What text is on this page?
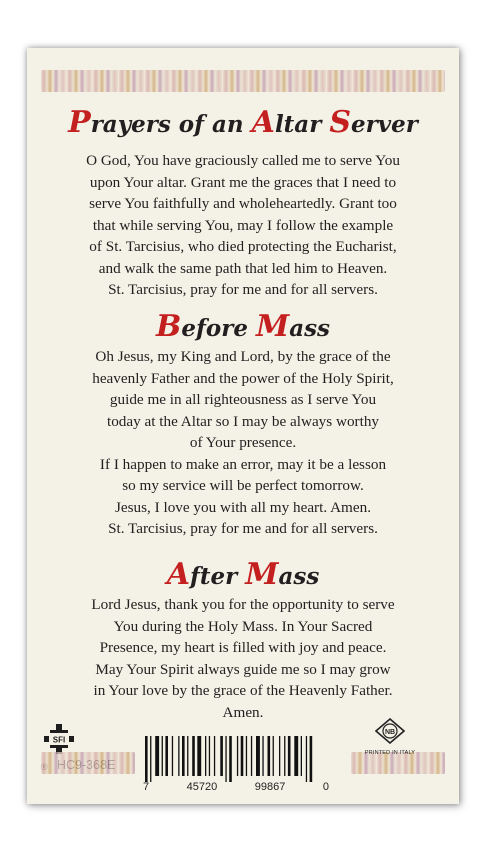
Prayers of an Altar Server
O God, You have graciously called me to serve You
upon Your altar. Grant me the graces that I need to
serve You faithfully and wholeheartedly. Grant too
that while serving You, may I follow the example
of St. Tarcisius, who died protecting the Eucharist,
and walk the same path that led him to Heaven.
St. Tarcisius, pray for me and for all servers.
Before Mass
Oh Jesus, my King and Lord, by the grace of the
heavenly Father and the power of the Holy Spirit,
guide me in all righteousness as I serve You
today at the Altar so I may be always worthy
of Your presence.
If I happen to make an error, may it be a lesson
so my service will be perfect tomorrow.
Jesus, I love you with all my heart. Amen.
St. Tarcisius, pray for me and for all servers.
After Mass
Lord Jesus, thank you for the opportunity to serve
You during the Holy Mass. In Your Sacred
Presence, my heart is filled with joy and peace.
May Your Spirit always guide me so I may grow
in Your love by the grace of the Heavenly Father.
Amen.
SFI
7	45720	99867	0
NB
PRINTED IN ITALY
